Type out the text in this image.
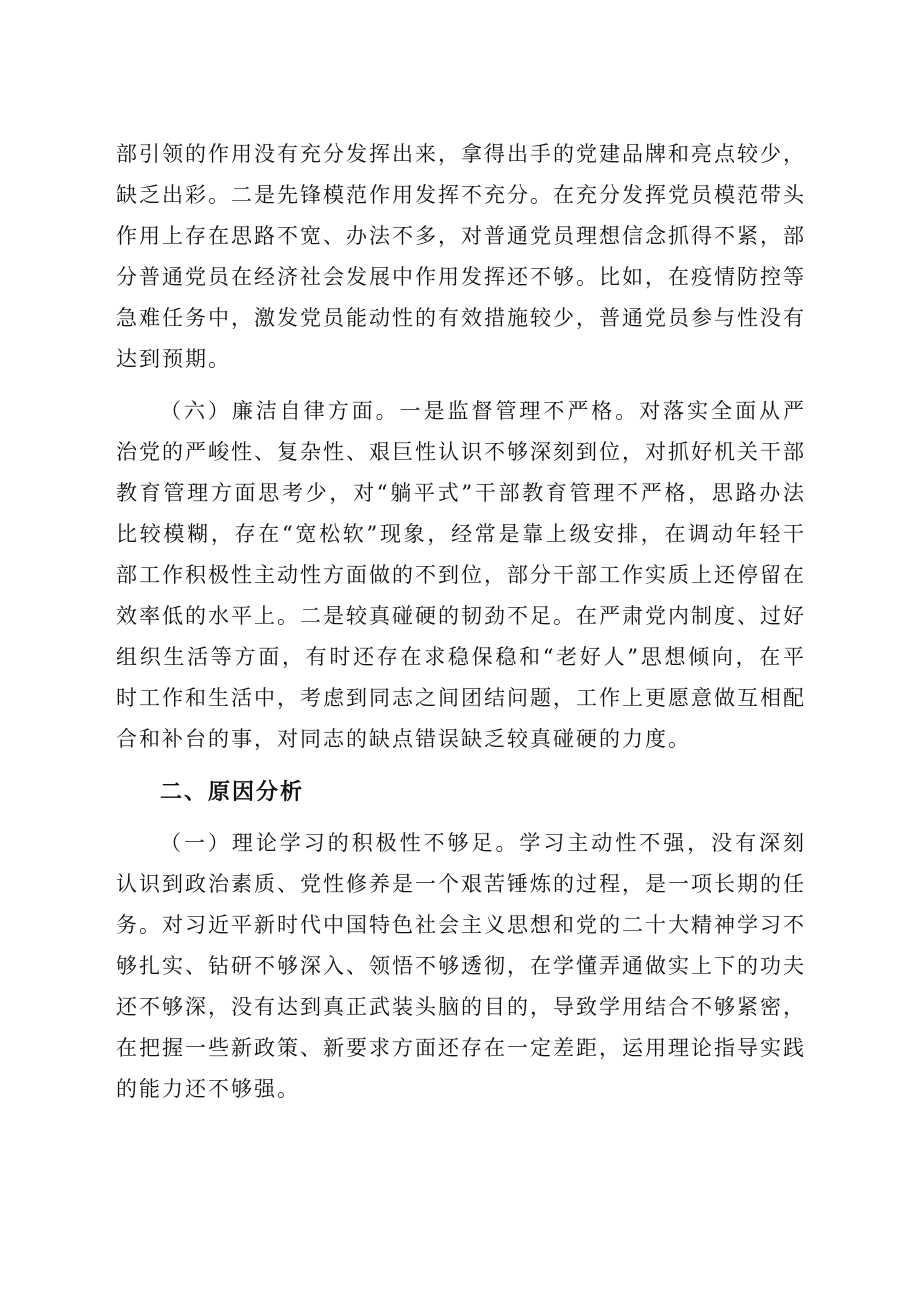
部引领的作用没有充分发挥出来，拿得出手的党建品牌和亮点较少，
缺乏出彩。二是先锋模范作用发挥不充分。在充分发挥党员模范带头
作用上存在思路不宽、办法不多，对普通党员理想信念抓得不紧，部
分普通党员在经济社会发展中作用发挥还不够。比如，在疫情防控等
急难任务中，激发党员能动性的有效措施较少，普通党员参与性没有
达到预期。
（六）廉洁自律方面。一是监督管理不严格。对落实全面从严
治党的严峻性、复杂性、艰巨性认识不够深刻到位，对抓好机关干部
教育管理方面思考少，对“躺平式”干部教育管理不严格，思路办法
比较模糊，存在“宽松软”现象，经常是靠上级安排，在调动年轻干
部工作积极性主动性方面做的不到位，部分干部工作实质上还停留在
效率低的水平上。二是较真碰硬的韧劲不足。在严肃党内制度、过好
组织生活等方面，有时还存在求稳保稳和“老好人”思想倾向，在平
时工作和生活中，考虑到同志之间团结问题，工作上更愿意做互相配
合和补台的事，对同志的缺点错误缺乏较真碰硬的力度。
二、原因分析
（一）理论学习的积极性不够足。学习主动性不强，没有深刻
认识到政治素质、党性修养是一个艰苦锤炼的过程，是一项长期的任
务。对习近平新时代中国特色社会主义思想和党的二十大精神学习不
够扎实、钻研不够深入、领悟不够透彻，在学懂弄通做实上下的功夫
还不够深，没有达到真正武装头脑的目的，导致学用结合不够紧密，
在把握一些新政策、新要求方面还存在一定差距，运用理论指导实践
的能力还不够强。
